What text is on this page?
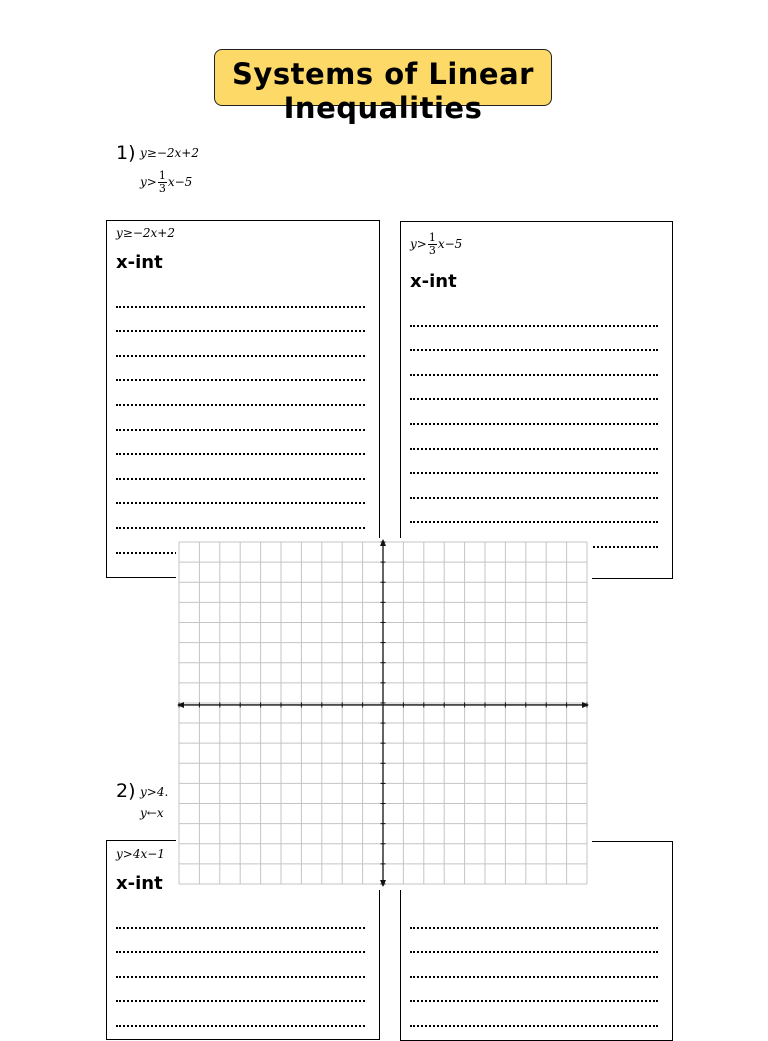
Systems of Linear
Inequalities
1) y≥−2x+2
$y> \frac{1}{3} x-5$
y≥−2x+2
x-int
$y> \frac{1}{3} x-5$
x-int
2) y>4.
y←x
y>4x−1
x-int
